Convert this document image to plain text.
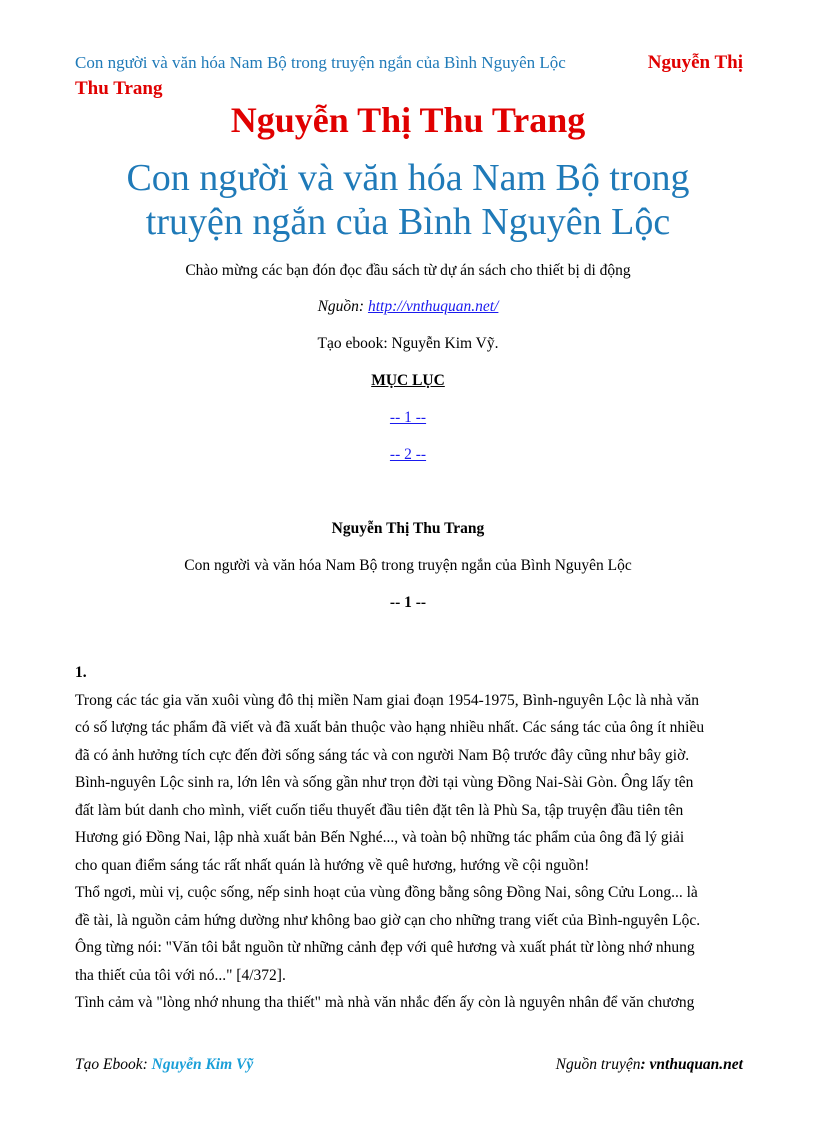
Nguyễn Thị
Con người và văn hóa Nam Bộ trong truyện ngắn của Bình Nguyên Lộc
Thu Trang
Nguyễn Thị Thu Trang
Con người và văn hóa Nam Bộ trong
truyện ngắn của Bình Nguyên Lộc
Chào mừng các bạn đón đọc đầu sách từ dự án sách cho thiết bị di động
Nguồn: http://vnthuquan.net/
Tạo ebook: Nguyễn Kim Vỹ.
MỤC LỤC
-- 1 --
-- 2 --
Nguyễn Thị Thu Trang
Con người và văn hóa Nam Bộ trong truyện ngắn của Bình Nguyên Lộc
-- 1 --
1.
Trong các tác gia văn xuôi vùng đô thị miền Nam giai đoạn 1954-1975, Bình-nguyên Lộc là nhà văn
có số lượng tác phẩm đã viết và đã xuất bản thuộc vào hạng nhiều nhất. Các sáng tác của ông ít nhiều
đã có ảnh hưởng tích cực đến đời sống sáng tác và con người Nam Bộ trước đây cũng như bây giờ.
Bình-nguyên Lộc sinh ra, lớn lên và sống gần như trọn đời tại vùng Đồng Nai-Sài Gòn. Ông lấy tên
đất làm bút danh cho mình, viết cuốn tiểu thuyết đầu tiên đặt tên là Phù Sa, tập truyện đầu tiên tên
Hương gió Đồng Nai, lập nhà xuất bản Bến Nghé..., và toàn bộ những tác phẩm của ông đã lý giải
cho quan điểm sáng tác rất nhất quán là hướng về quê hương, hướng về cội nguồn!
Thổ ngơi, mùi vị, cuộc sống, nếp sinh hoạt của vùng đồng bằng sông Đồng Nai, sông Cửu Long... là
đề tài, là nguồn cảm hứng dường như không bao giờ cạn cho những trang viết của Bình-nguyên Lộc.
Ông từng nói: "Văn tôi bắt nguồn từ những cảnh đẹp với quê hương và xuất phát từ lòng nhớ nhung
tha thiết của tôi với nó..." [4/372].
Tình cảm và "lòng nhớ nhung tha thiết" mà nhà văn nhắc đến ấy còn là nguyên nhân để văn chương
Tạo Ebook: Nguyễn Kim Vỹ	Nguồn truyện: vnthuquan.net
